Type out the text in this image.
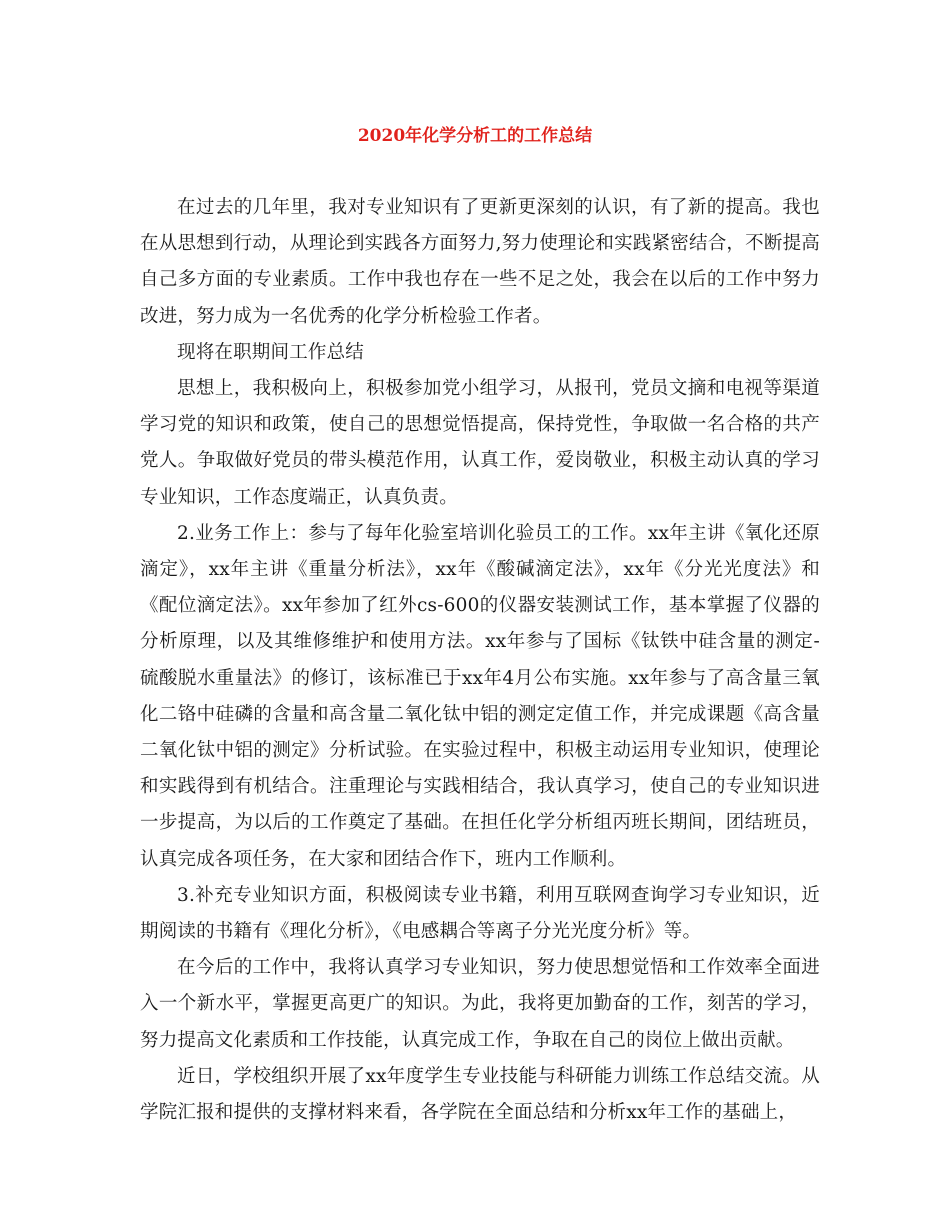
2020年化学分析工的工作总结

在过去的几年里，我对专业知识有了更新更深刻的认识，有了新的提高。我也在从思想到行动，从理论到实践各方面努力,努力使理论和实践紧密结合，不断提高自己多方面的专业素质。工作中我也存在一些不足之处，我会在以后的工作中努力改进，努力成为一名优秀的化学分析检验工作者。

现将在职期间工作总结

思想上，我积极向上，积极参加党小组学习，从报刊，党员文摘和电视等渠道学习党的知识和政策，使自己的思想觉悟提高，保持党性，争取做一名合格的共产党人。争取做好党员的带头模范作用，认真工作，爱岗敬业，积极主动认真的学习专业知识，工作态度端正，认真负责。

2.业务工作上：参与了每年化验室培训化验员工的工作。xx年主讲《氧化还原滴定》，xx年主讲《重量分析法》，xx年《酸碱滴定法》，xx年《分光光度法》和《配位滴定法》。xx年参加了红外cs-600的仪器安装测试工作，基本掌握了仪器的分析原理，以及其维修维护和使用方法。xx年参与了国标《钛铁中硅含量的测定-硫酸脱水重量法》的修订，该标准已于xx年4月公布实施。xx年参与了高含量三氧化二铬中硅磷的含量和高含量二氧化钛中铝的测定定值工作，并完成课题《高含量二氧化钛中铝的测定》分析试验。在实验过程中，积极主动运用专业知识，使理论和实践得到有机结合。注重理论与实践相结合，我认真学习，使自己的专业知识进一步提高，为以后的工作奠定了基础。在担任化学分析组丙班长期间，团结班员，认真完成各项任务，在大家和团结合作下，班内工作顺利。

3.补充专业知识方面，积极阅读专业书籍，利用互联网查询学习专业知识，近期阅读的书籍有《理化分析》，《电感耦合等离子分光光度分析》等。

在今后的工作中，我将认真学习专业知识，努力使思想觉悟和工作效率全面进入一个新水平，掌握更高更广的知识。为此，我将更加勤奋的工作，刻苦的学习，努力提高文化素质和工作技能，认真完成工作，争取在自己的岗位上做出贡献。

近日，学校组织开展了xx年度学生专业技能与科研能力训练工作总结交流。从学院汇报和提供的支撑材料来看，各学院在全面总结和分析xx年工作的基础上，
